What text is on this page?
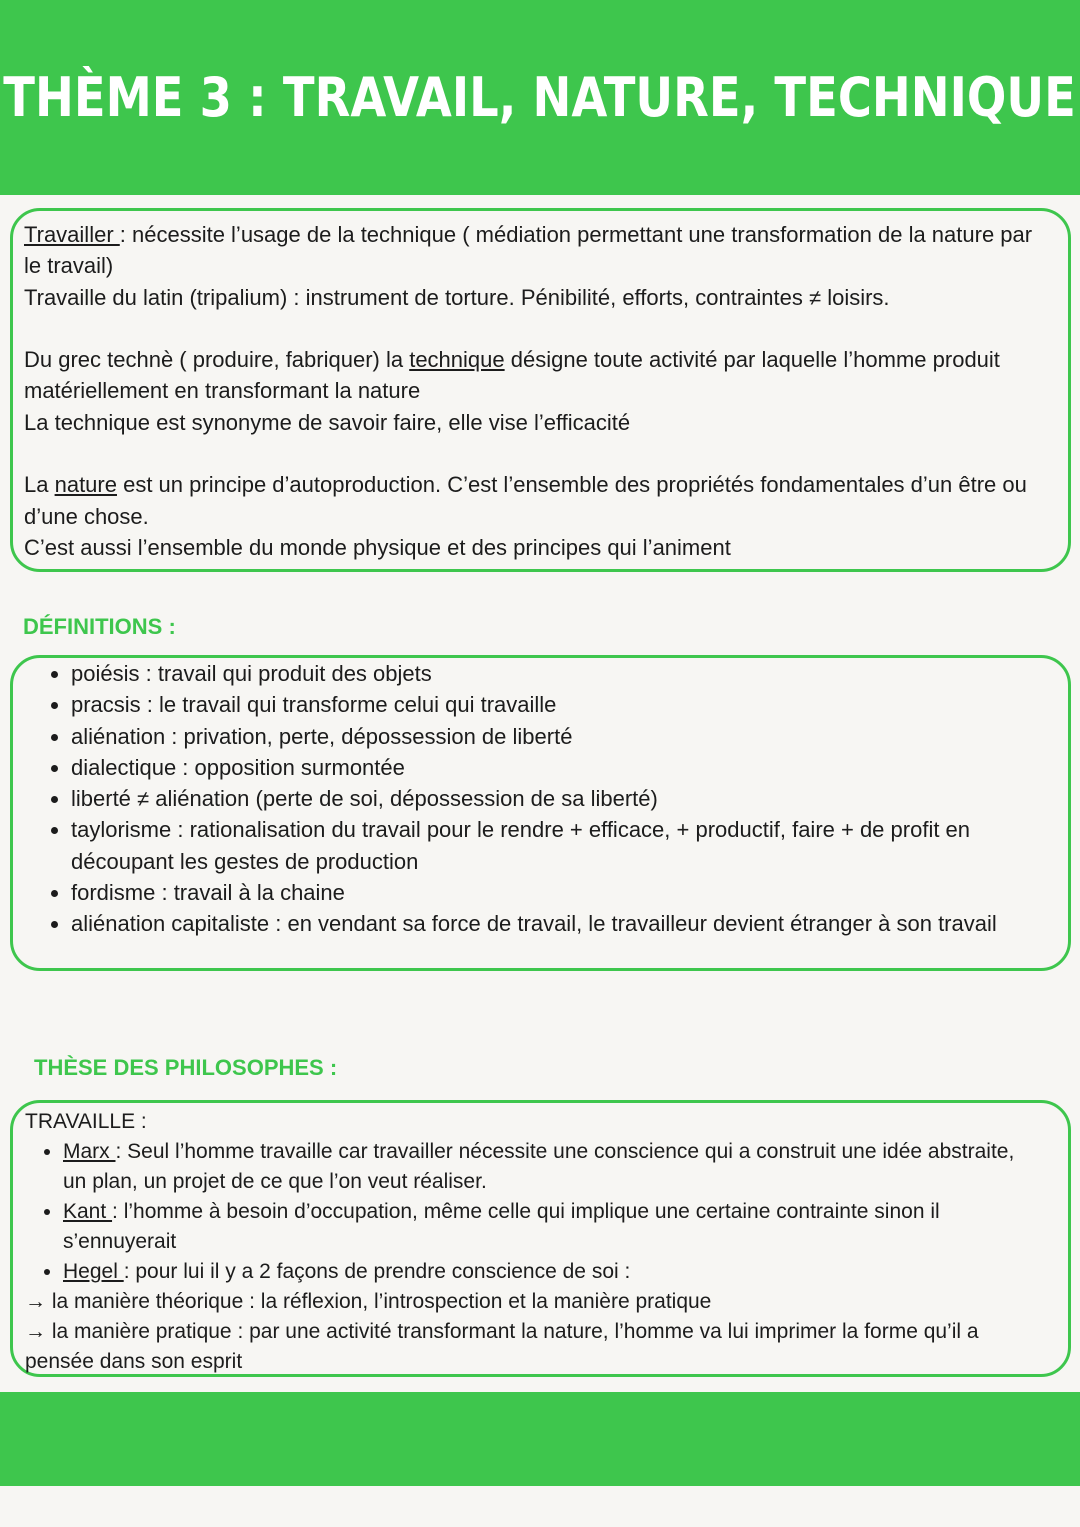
THÈME 3 : TRAVAIL, NATURE, TECHNIQUE

Travailler : nécessite l’usage de la technique ( médiation permettant une transformation de la nature par le travail)

Travaille du latin (tripalium) : instrument de torture. Pénibilité, efforts, contraintes ≠ loisirs.

Du grec technè ( produire, fabriquer) la technique désigne toute activité par laquelle l’homme produit matériellement en transformant la nature

La technique est synonyme de savoir faire, elle vise l’efficacité

La nature est un principe d’autoproduction. C’est l’ensemble des propriétés fondamentales d’un être ou d’une chose.

C’est aussi l’ensemble du monde physique et des principes qui l’animent

DÉFINITIONS :
• poiésis : travail qui produit des objets
• pracsis : le travail qui transforme celui qui travaille
• aliénation : privation, perte, dépossession de liberté
• dialectique : opposition surmontée
• liberté ≠ aliénation (perte de soi, dépossession de sa liberté)
• taylorisme : rationalisation du travail pour le rendre + efficace, + productif, faire + de profit en découpant les gestes de production
• fordisme : travail à la chaine
• aliénation capitaliste : en vendant sa force de travail, le travailleur devient étranger à son travail
THÈSE DES PHILOSOPHES :

TRAVAILLE :

• Marx : Seul l’homme travaille car travailler nécessite une conscience qui a construit une idée abstraite, un plan, un projet de ce que l’on veut réaliser.
• Kant : l’homme à besoin d’occupation, même celle qui implique une certaine contrainte sinon il s’ennuyerait
• Hegel : pour lui il y a 2 façons de prendre conscience de soi :

→ la manière théorique : la réflexion, l’introspection et la manière pratique

→ la manière pratique : par une activité transformant la nature, l’homme va lui imprimer la forme qu’il a pensée dans son esprit
